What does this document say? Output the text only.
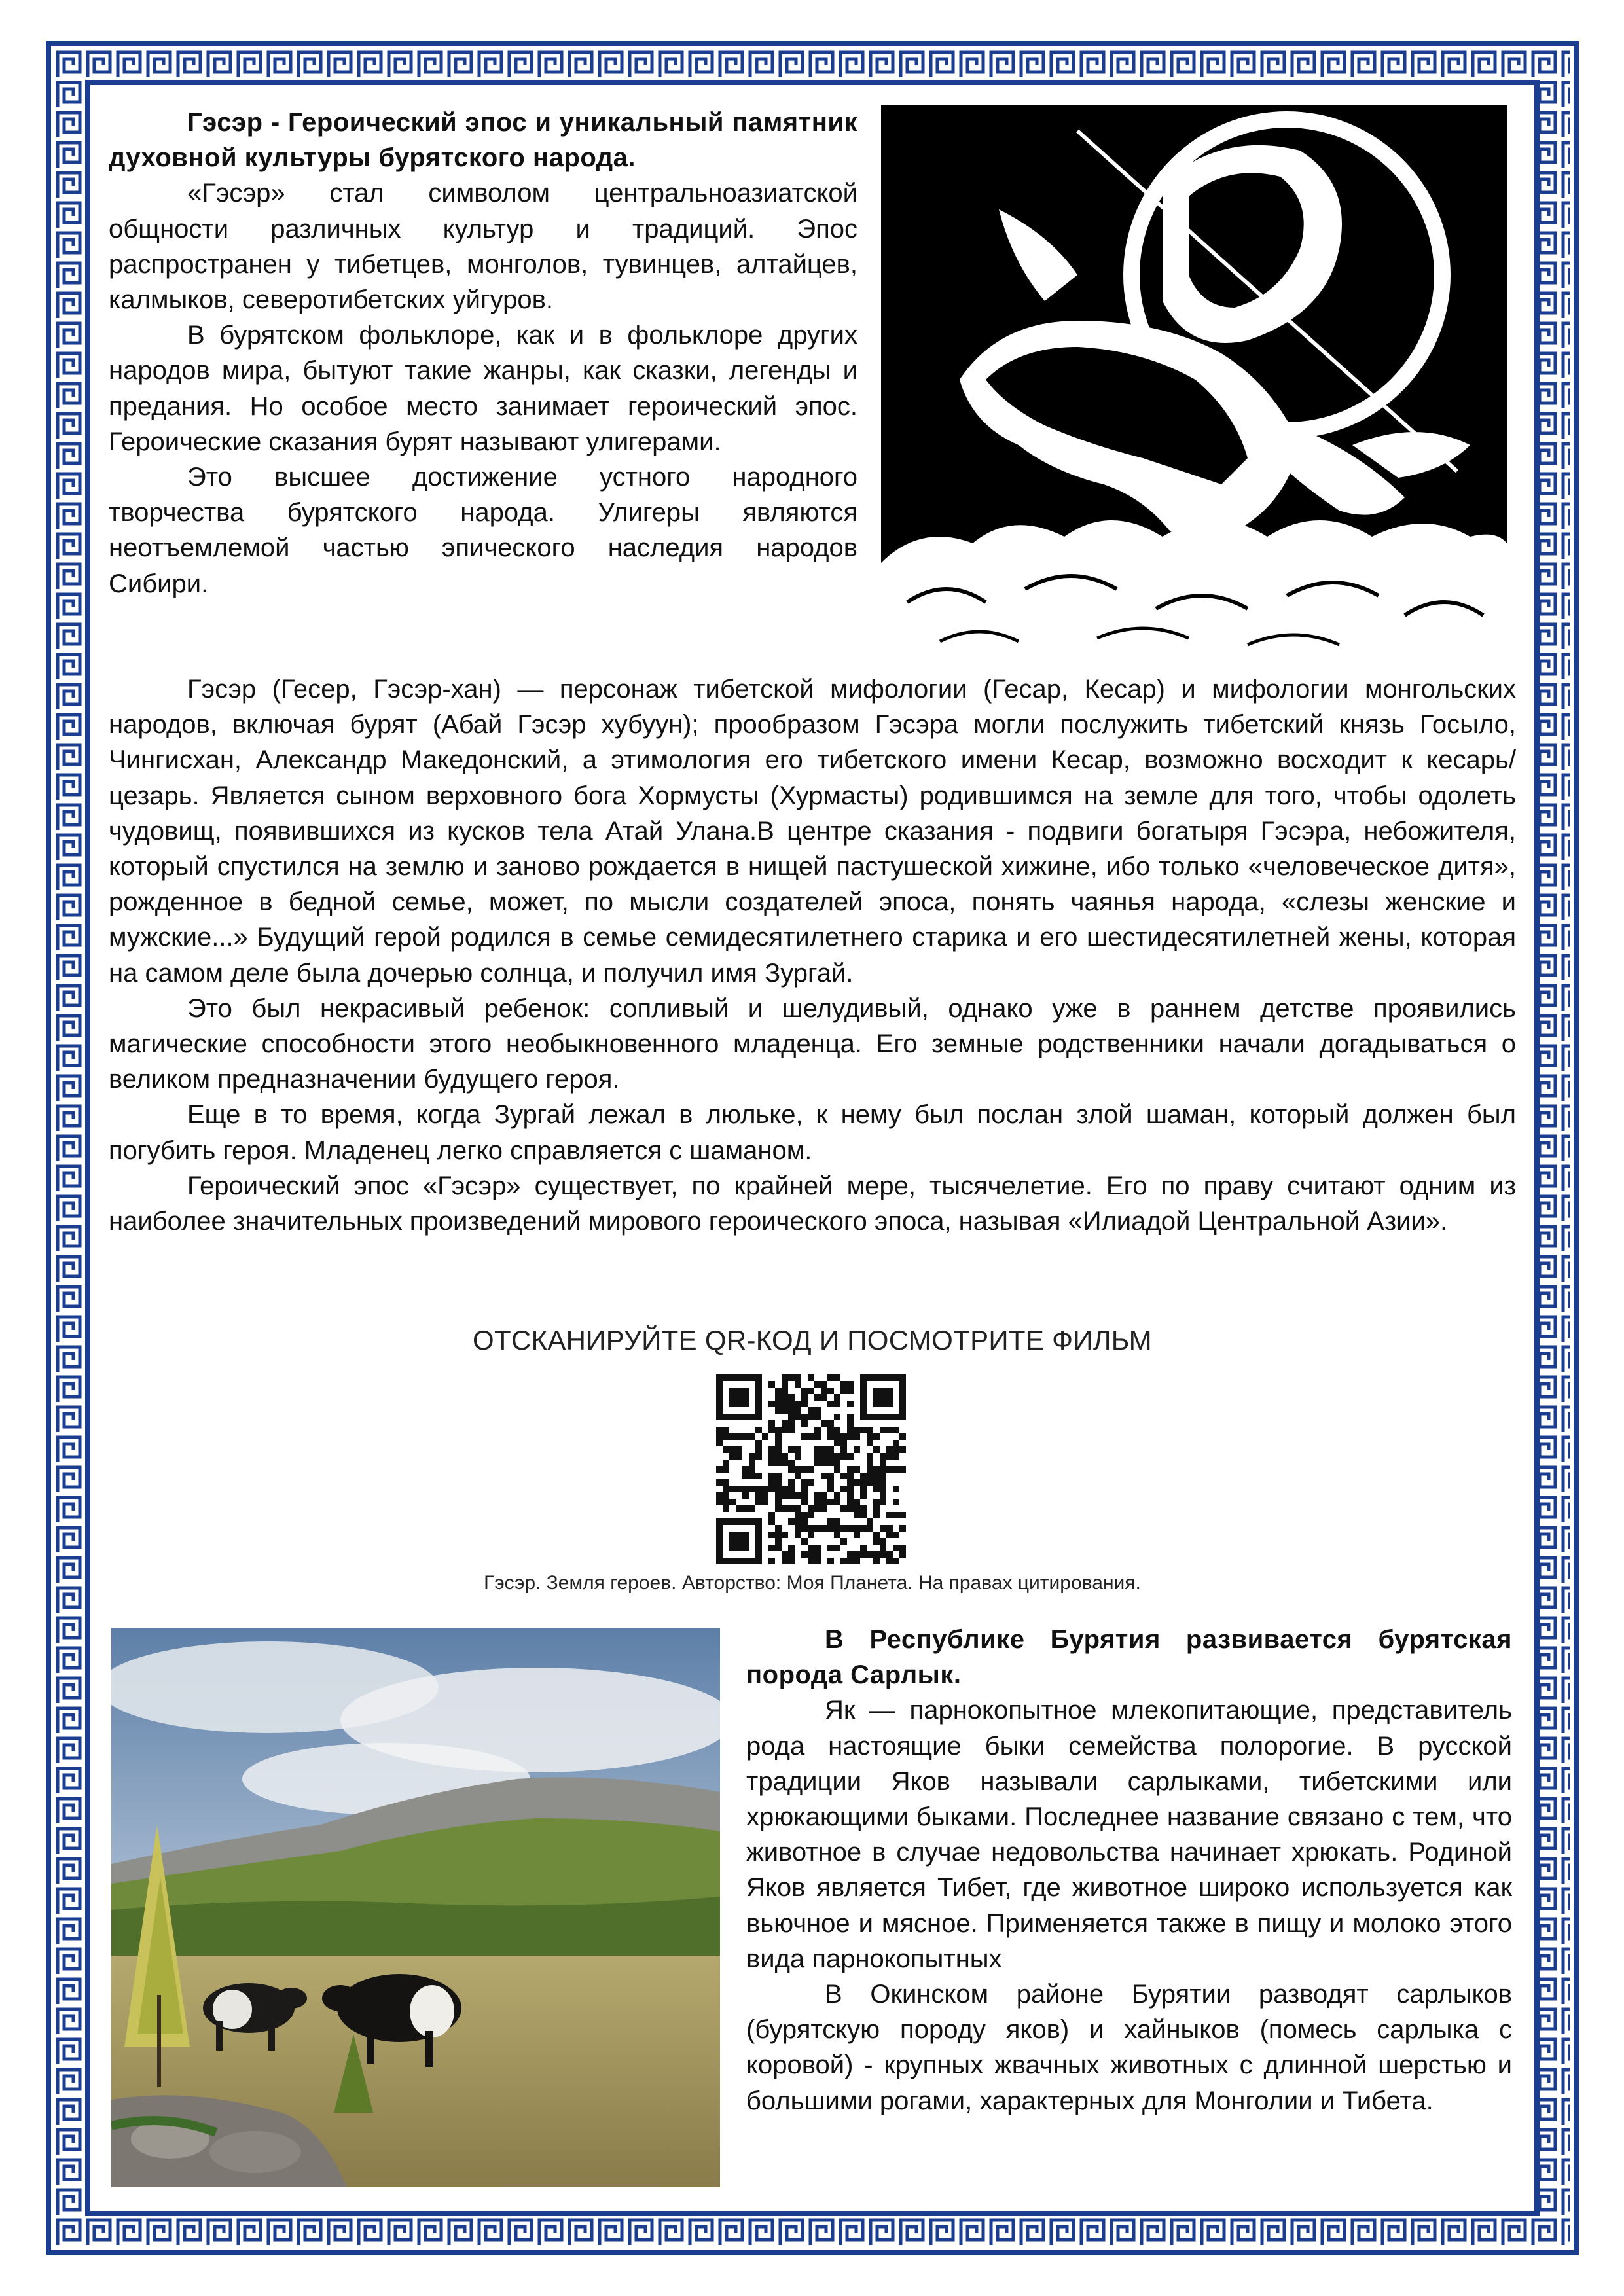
Гэсэр - Героический эпос и уникальный памятник духовной культуры бурятского народа.

«Гэсэр» стал символом центральноазиатской общности различных культур и традиций. Эпос распространен у тибетцев, монголов, тувинцев, алтайцев, калмыков, северотибетских уйгуров.

В бурятском фольклоре, как и в фольклоре других народов мира, бытуют такие жанры, как сказки, легенды и предания. Но особое место занимает героический эпос. Героические сказания бурят называют улигерами.

Это высшее достижение устного народного творчества бурятского народа. Улигеры являются неотъемлемой частью эпического наследия народов Сибири.

Гэсэр (Гесер, Гэсэр-хан) — персонаж тибетской мифологии (Гесар, Кесар) и мифологии монгольских народов, включая бурят (Абай Гэсэр хубуун); прообразом Гэсэра могли послужить тибетский князь Госыло, Чингисхан, Александр Македонский, а этимология его тибетского имени Кесар, возможно восходит к кесарь/цезарь. Является сыном верховного бога Хормусты (Хурмасты) родившимся на земле для того, чтобы одолеть чудовищ, появившихся из кусков тела Атай Улана.В центре сказания - подвиги богатыря Гэсэра, небожителя, который спустился на землю и заново рождается в нищей пастушеской хижине, ибо только «человеческое дитя», рожденное в бедной семье, может, по мысли создателей эпоса, понять чаянья народа, «слезы женские и мужские...» Будущий герой родился в семье семидесятилетнего старика и его шестидесятилетней жены, которая на самом деле была дочерью солнца, и получил имя Зургай.

Это был некрасивый ребенок: сопливый и шелудивый, однако уже в раннем детстве проявились магические способности этого необыкновенного младенца. Его земные родственники начали догадываться о великом предназначении будущего героя.

Еще в то время, когда Зургай лежал в люльке, к нему был послан злой шаман, который должен был погубить героя. Младенец легко справляется с шаманом.

Героический эпос «Гэсэр» существует, по крайней мере, тысячелетие. Его по праву считают одним из наиболее значительных произведений мирового героического эпоса, называя «Илиадой Центральной Азии».

ОТСКАНИРУЙТЕ QR-КОД И ПОСМОТРИТЕ ФИЛЬМ
Гэсэр. Земля героев. Авторство: Моя Планета. На правах цитирования.

В Республике Бурятия развивается бурятская порода Сарлык.

Як — парнокопытное млекопитающие, представитель рода настоящие быки семейства полорогие. В русской традиции Яков называли сарлыками, тибетскими или хрюкающими быками. Последнее название связано с тем, что животное в случае недовольства начинает хрюкать. Родиной Яков является Тибет, где животное широко используется как вьючное и мясное. Применяется также в пищу и молоко этого вида парнокопытных

В Окинском районе Бурятии разводят сарлыков (бурятскую породу яков) и хайныков (помесь сарлыка с коровой) - крупных жвачных животных с длинной шерстью и большими рогами, характерных для Монголии и Тибета.
